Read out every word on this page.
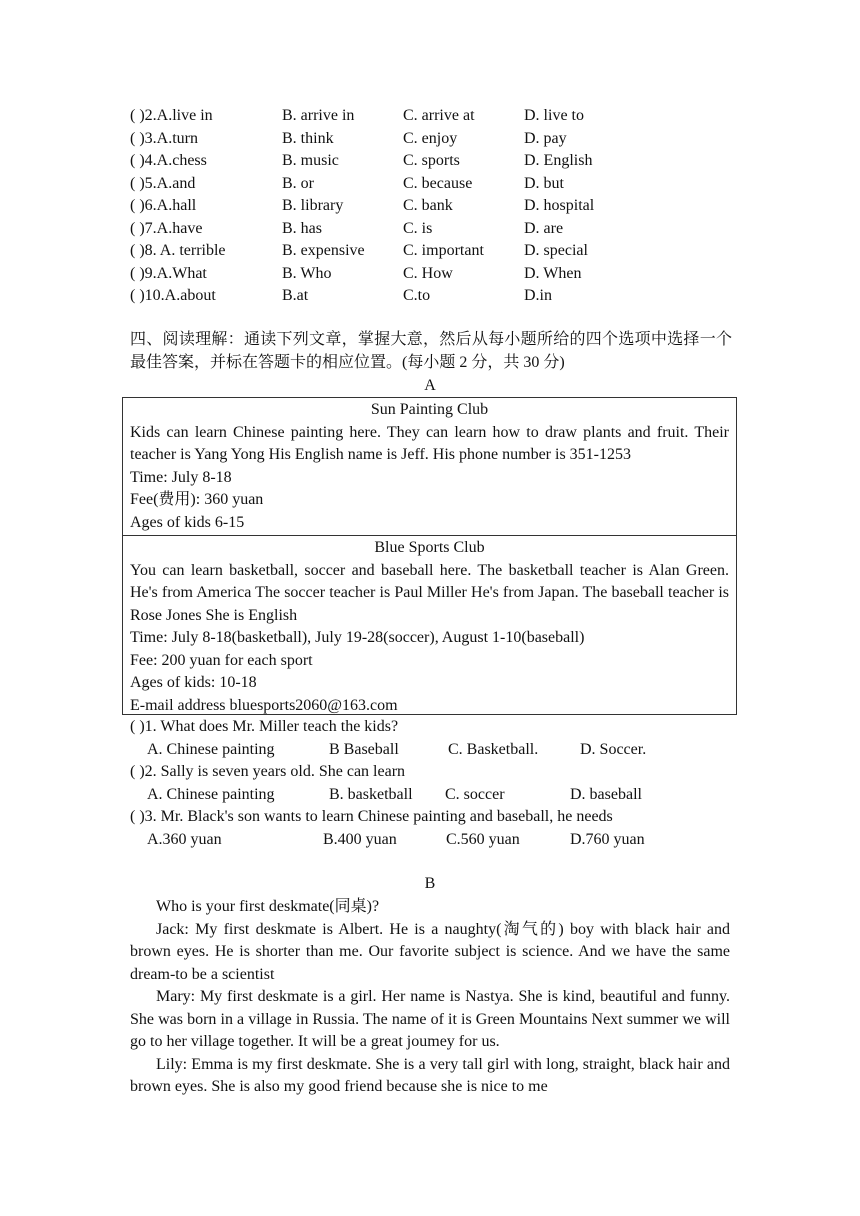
( )2.A.live in	B. arrive in	C. arrive at	D. live to
( )3.A.turn	B. think	C. enjoy	D. pay
( )4.A.chess	B. music	C. sports	D. English
( )5.A.and	B. or	C. because	D. but
( )6.A.hall	B. library	C. bank	D. hospital
( )7.A.have	B. has	C. is	D. are
( )8. A. terrible	B. expensive C. important	D. special
( )9.A.What	B. Who	C. How	D. When
( )10.A.about	B.at	C.to	D.in
四、阅读理解：通读下列文章，掌握大意，然后从每小题所给的四个选项中选择一个最佳答案，并标在答题卡的相应位置。(每小题 2 分，共 30 分)
A
Sun Painting Club
Kids can learn Chinese painting here. They can learn how to draw plants and fruit. Their teacher is Yang Yong His English name is Jeff. His phone number is 351-1253
Time: July 8-18
Fee(费用): 360 yuan
Ages of kids 6-15
Blue Sports Club
You can learn basketball, soccer and baseball here. The basketball teacher is Alan Green. He's from America The soccer teacher is Paul Miller He's from Japan. The baseball teacher is Rose Jones She is English
Time: July 8-18(basketball), July 19-28(soccer), August 1-10(baseball)
Fee: 200 yuan for each sport
Ages of kids: 10-18
E-mail address bluesports2060@163.com
( )1. What does Mr. Miller teach the kids?
A. Chinese painting	B Baseball	C. Basketball.	D. Soccer.
( )2. Sally is seven years old. She can learn
A. Chinese painting	B. basketball C. soccer	D. baseball
( )3. Mr. Black's son wants to learn Chinese painting and baseball, he needs
A.360 yuan	B.400 yuan	C.560 yuan	D.760 yuan
B
Who is your first deskmate(同桌)?
Jack: My first deskmate is Albert. He is a naughty(淘气的) boy with black hair and brown eyes. He is shorter than me. Our favorite subject is science. And we have the same dream-to be a scientist
Mary: My first deskmate is a girl. Her name is Nastya. She is kind, beautiful and funny. She was born in a village in Russia. The name of it is Green Mountains Next summer we will go to her village together. It will be a great joumey for us.
Lily: Emma is my first deskmate. She is a very tall girl with long, straight, black hair and brown eyes. She is also my good friend because she is nice to me
